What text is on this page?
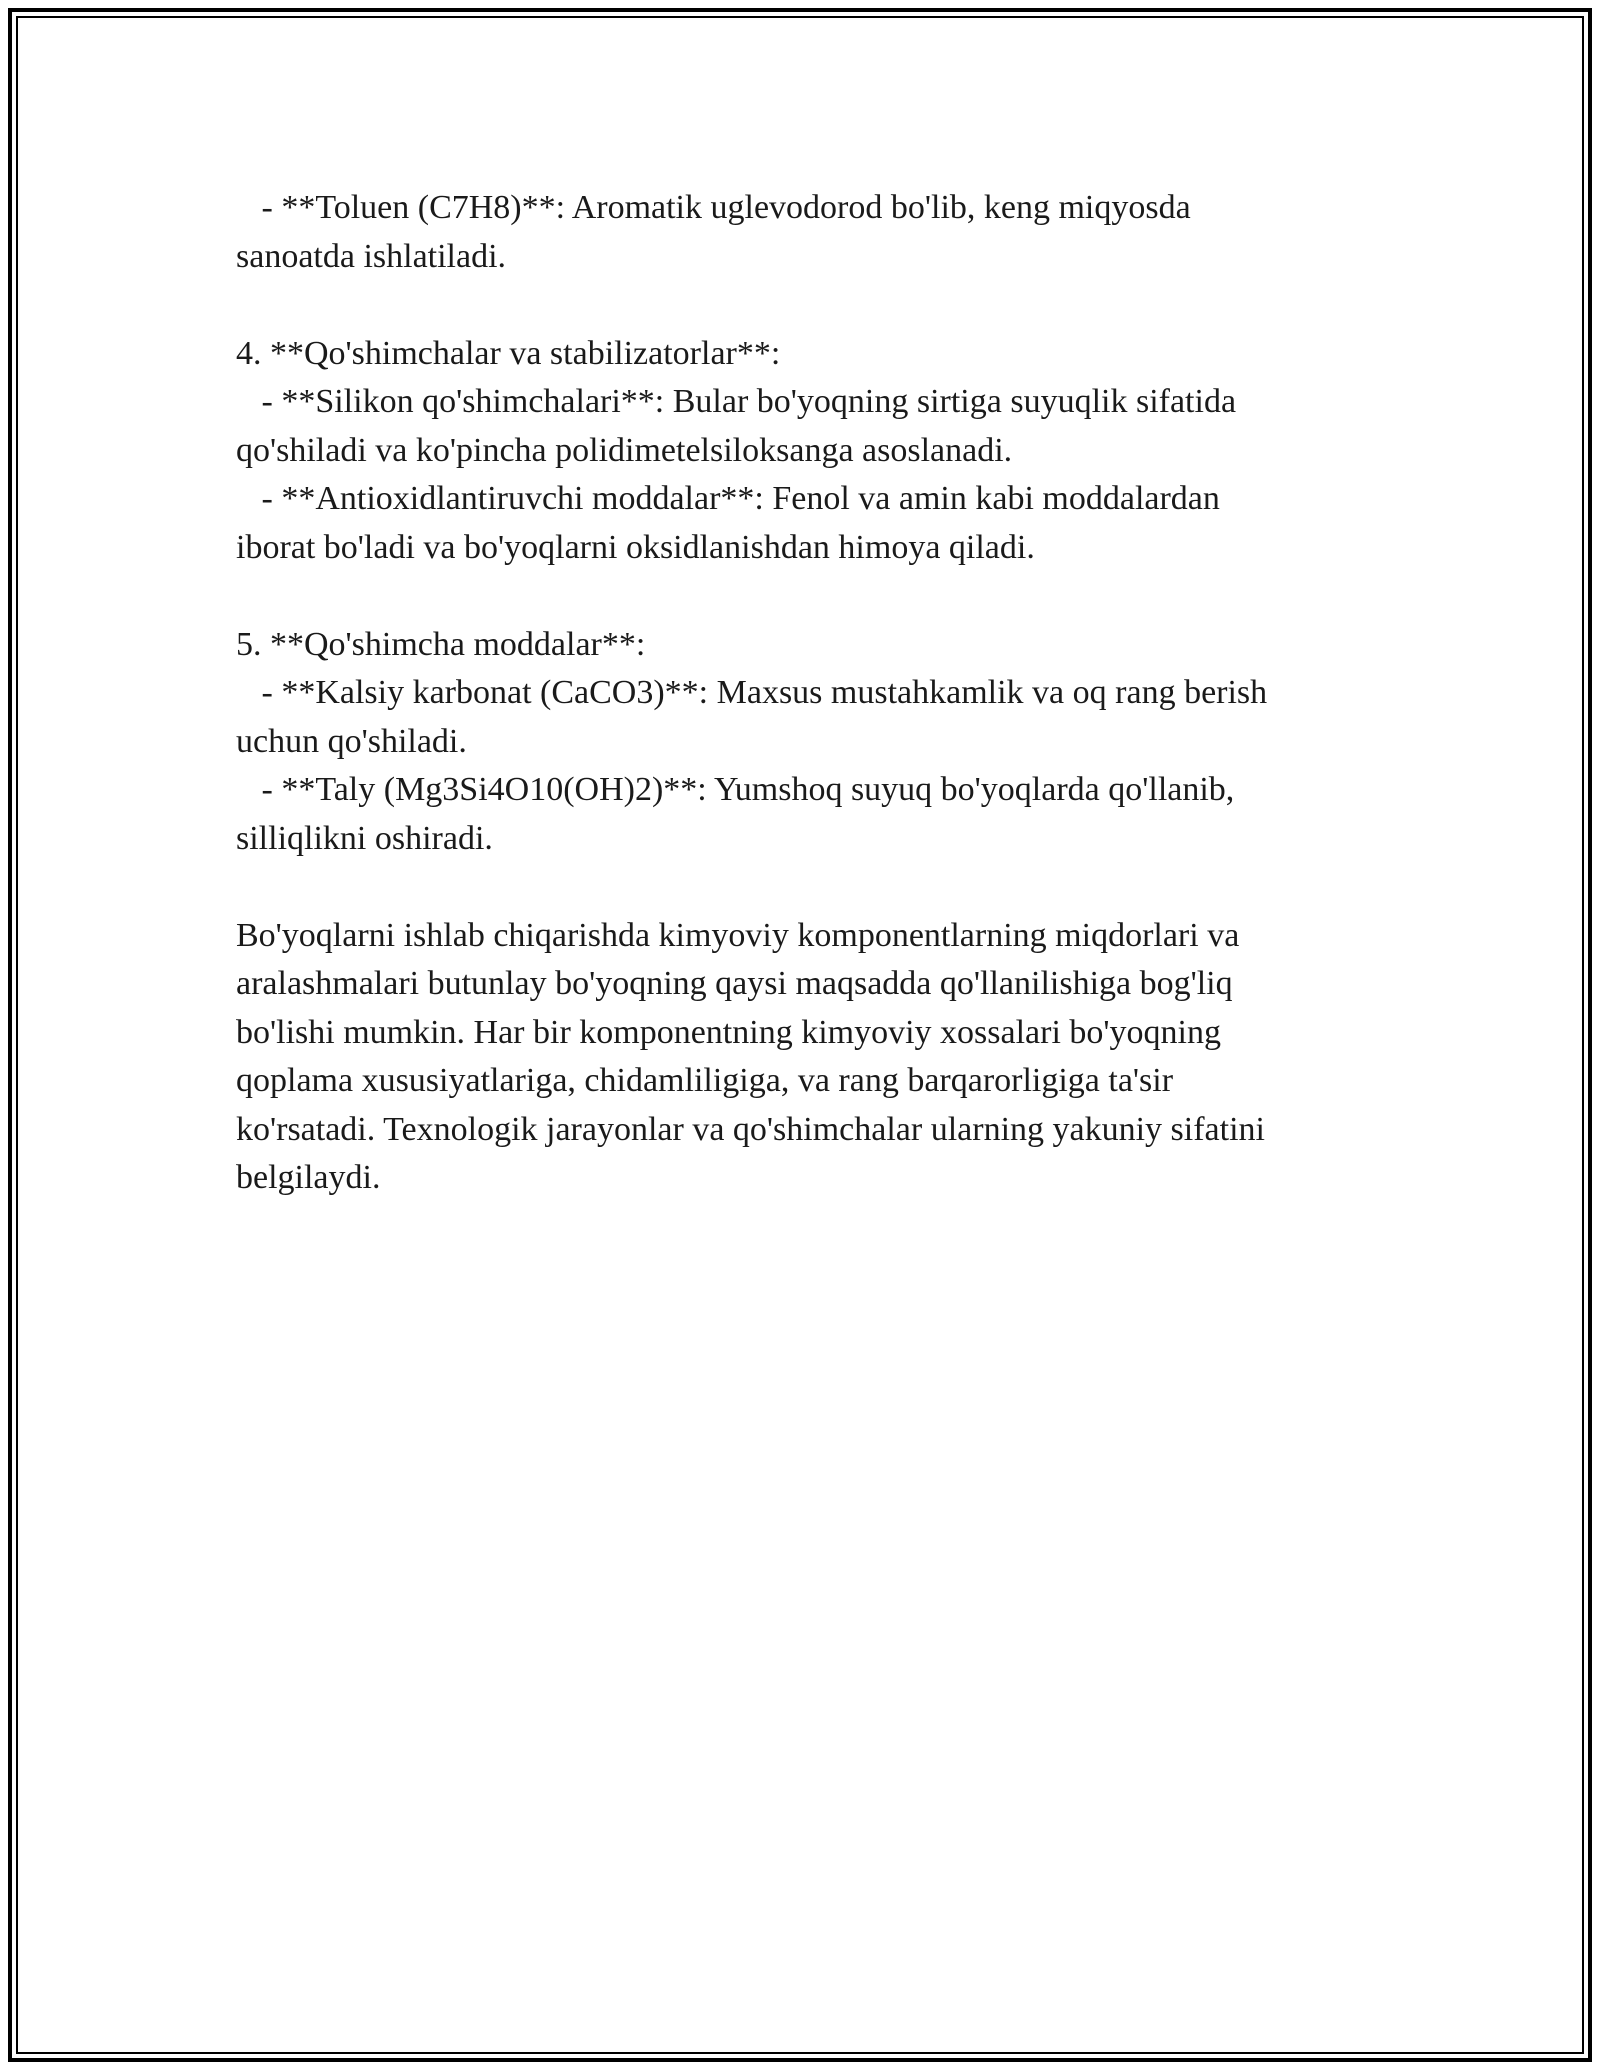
- **Toluen (C7H8)**: Aromatik uglevodorod bo'lib, keng miqyosda
sanoatda ishlatiladi.
4. **Qo'shimchalar va stabilizatorlar**:
- **Silikon qo'shimchalari**: Bular bo'yoqning sirtiga suyuqlik sifatida
qo'shiladi va ko'pincha polidimetelsiloksanga asoslanadi.
- **Antioxidlantiruvchi moddalar**: Fenol va amin kabi moddalardan
iborat bo'ladi va bo'yoqlarni oksidlanishdan himoya qiladi.
5. **Qo'shimcha moddalar**:
- **Kalsiy karbonat (CaCO3)**: Maxsus mustahkamlik va oq rang berish
uchun qo'shiladi.
- **Taly (Mg3Si4O10(OH)2)**: Yumshoq suyuq bo'yoqlarda qo'llanib,
silliqlikni oshiradi.
Bo'yoqlarni ishlab chiqarishda kimyoviy komponentlarning miqdorlari va
aralashmalari butunlay bo'yoqning qaysi maqsadda qo'llanilishiga bog'liq
bo'lishi mumkin. Har bir komponentning kimyoviy xossalari bo'yoqning
qoplama xususiyatlariga, chidamliligiga, va rang barqarorligiga ta'sir
ko'rsatadi. Texnologik jarayonlar va qo'shimchalar ularning yakuniy sifatini
belgilaydi.
